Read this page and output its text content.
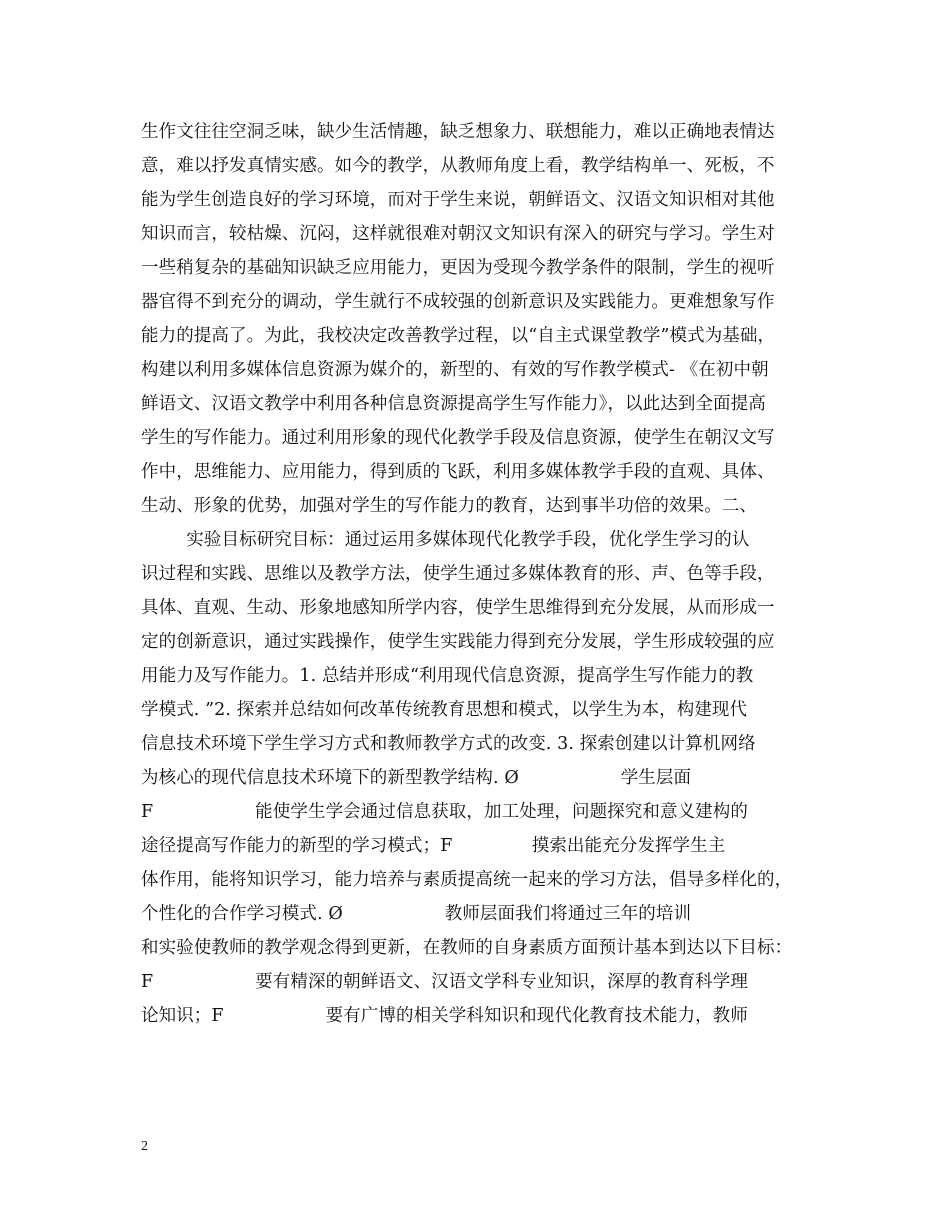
生作文往往空洞乏味，缺少生活情趣，缺乏想象力、联想能力，难以正确地表情达
意，难以抒发真情实感。如今的教学，从教师角度上看，教学结构单一、死板，不
能为学生创造良好的学习环境，而对于学生来说，朝鲜语文、汉语文知识相对其他
知识而言，较枯燥、沉闷，这样就很难对朝汉文知识有深入的研究与学习。学生对
一些稍复杂的基础知识缺乏应用能力，更因为受现今教学条件的限制，学生的视听
器官得不到充分的调动，学生就行不成较强的创新意识及实践能力。更难想象写作
能力的提高了。为此，我校决定改善教学过程，以“自主式课堂教学”模式为基础，
构建以利用多媒体信息资源为媒介的，新型的、有效的写作教学模式- 《在初中朝
鲜语文、汉语文教学中利用各种信息资源提高学生写作能力》，以此达到全面提高
学生的写作能力。通过利用形象的现代化教学手段及信息资源，使学生在朝汉文写
作中，思维能力、应用能力，得到质的飞跃，利用多媒体教学手段的直观、具体、
生动、形象的优势，加强对学生的写作能力的教育，达到事半功倍的效果。二、
实验目标研究目标：通过运用多媒体现代化教学手段，优化学生学习的认
识过程和实践、思维以及教学方法，使学生通过多媒体教育的形、声、色等手段，
具体、直观、生动、形象地感知所学内容，使学生思维得到充分发展，从而形成一
定的创新意识，通过实践操作，使学生实践能力得到充分发展，学生形成较强的应
用能力及写作能力。1. 总结并形成“利用现代信息资源，提高学生写作能力的教
学模式. ”2. 探索并总结如何改革传统教育思想和模式，以学生为本，构建现代
信息技术环境下学生学习方式和教师教学方式的改变. 3. 探索创建以计算机网络
为核心的现代信息技术环境下的新型教学结构. Ø                  学生层面
F                  能使学生学会通过信息获取，加工处理，问题探究和意义建构的
途径提高写作能力的新型的学习模式；F              摸索出能充分发挥学生主
体作用，能将知识学习，能力培养与素质提高统一起来的学习方法，倡导多样化的，
个性化的合作学习模式. Ø                  教师层面我们将通过三年的培训
和实验使教师的教学观念得到更新，在教师的自身素质方面预计基本到达以下目标：
F                  要有精深的朝鲜语文、汉语文学科专业知识，深厚的教育科学理
论知识；F                  要有广博的相关学科知识和现代化教育技术能力，教师
2
